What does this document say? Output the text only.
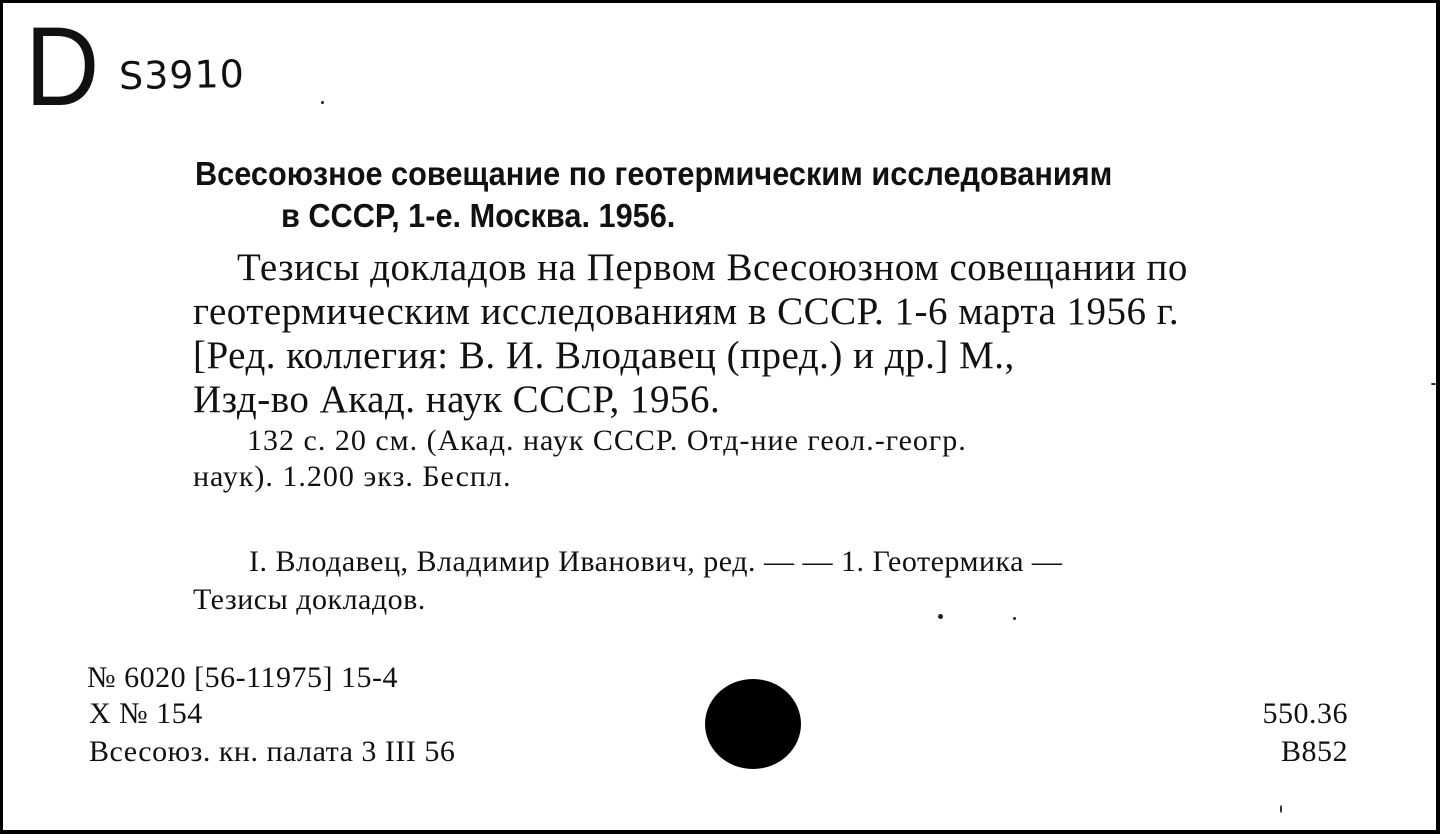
D S3910
Всесоюзное совещание по геотермическим исследованиям
в СССР, 1-е. Москва. 1956.
Тезисы докладов на Первом Всесоюзном совещании по
геотермическим исследованиям в СССР. 1-6 марта 1956 г.
[Ред. коллегия: В. И. Влодавец (пред.) и др.] М.,
Изд-во Акад. наук СССР, 1956.
132 с. 20 см. (Акад. наук СССР. Отд-ние геол.-геогр.
наук). 1.200 экз. Беспл.
I. Влодавец, Владимир Иванович, ред. — — 1. Геотермика —
Тезисы докладов.
№ 6020 [56-11975] 15-4
X № 154
Всесоюз. кн. палата 3 III 56
550.36
B852
